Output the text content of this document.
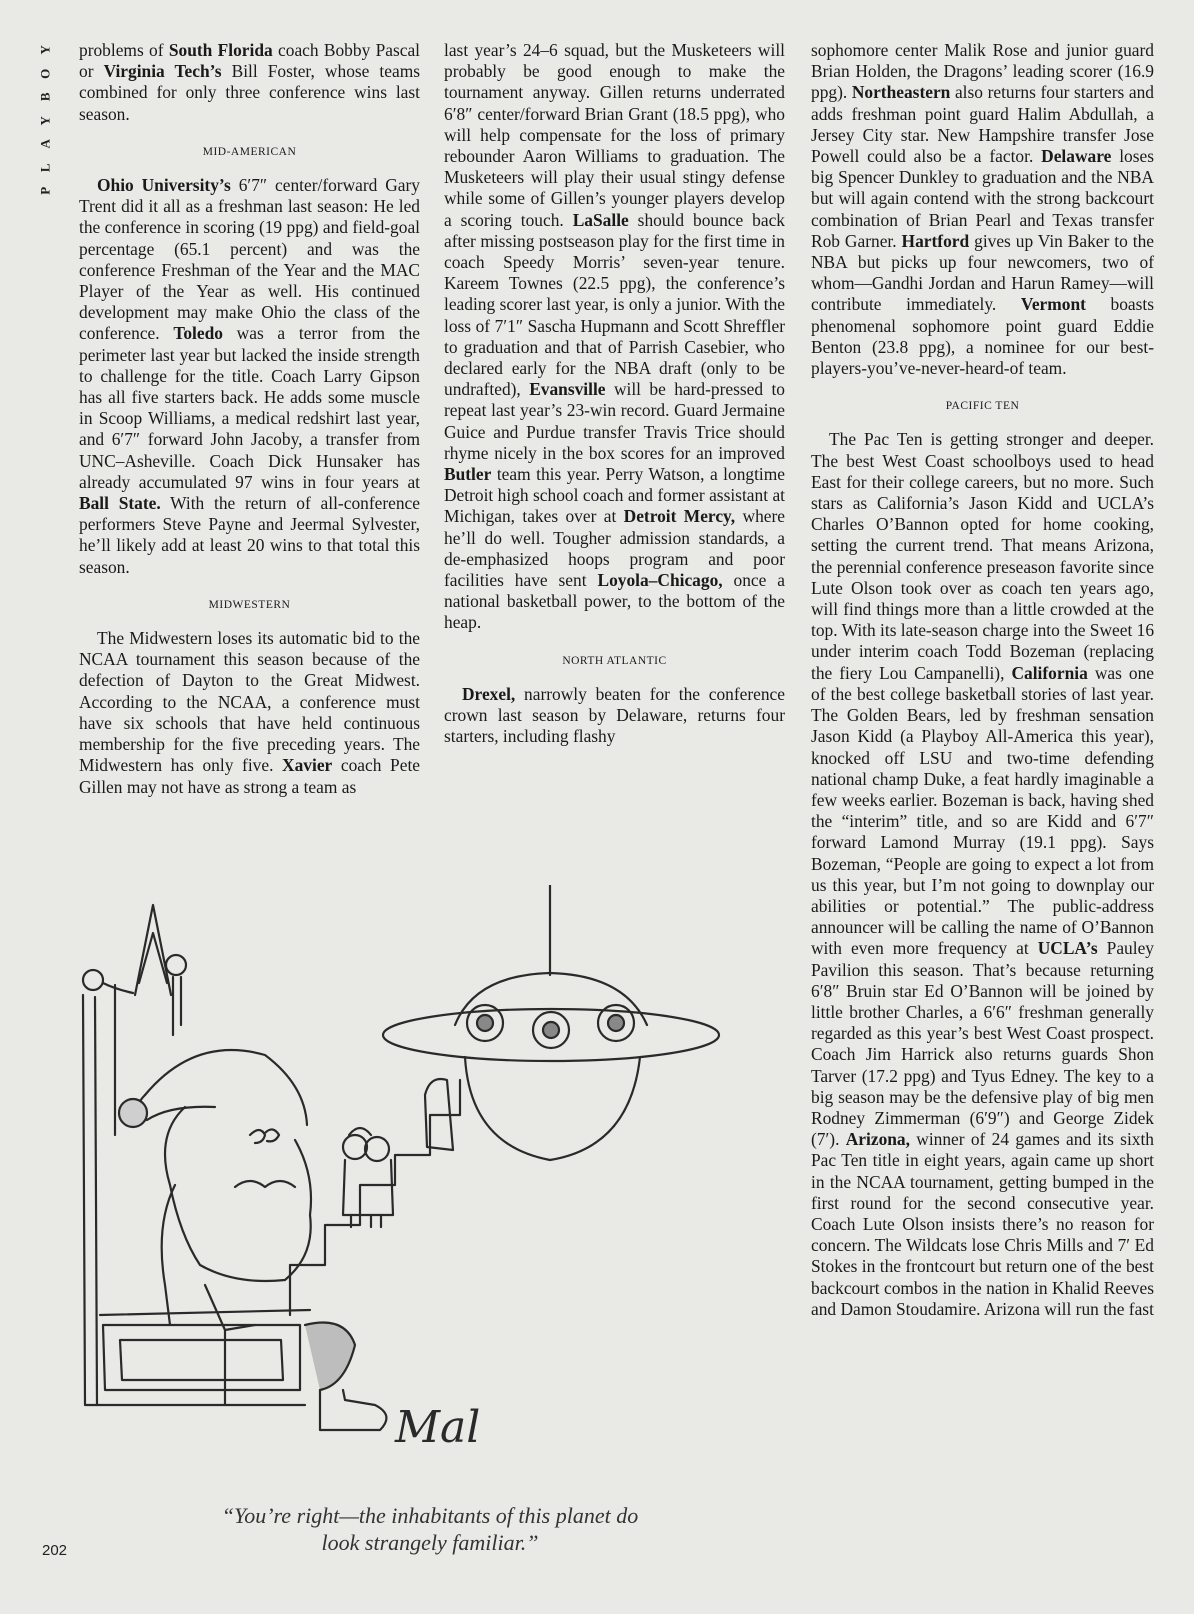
Y
O
B
Y
A
L
P

problems of South Florida coach Bobby Pascal or Virginia Tech’s Bill Foster, whose teams combined for only three conference wins last season.

MID-AMERICAN

Ohio University’s 6′7″ center/forward Gary Trent did it all as a freshman last season: He led the conference in scoring (19 ppg) and field-goal percentage (65.1 percent) and was the conference Freshman of the Year and the MAC Player of the Year as well. His continued development may make Ohio the class of the conference. Toledo was a terror from the perimeter last year but lacked the inside strength to challenge for the title. Coach Larry Gipson has all five starters back. He adds some muscle in Scoop Williams, a medical redshirt last year, and 6′7″ forward John Jacoby, a transfer from UNC–Asheville. Coach Dick Hunsaker has already accumulated 97 wins in four years at Ball State. With the return of all-conference performers Steve Payne and Jeermal Sylvester, he’ll likely add at least 20 wins to that total this season.

MIDWESTERN

The Midwestern loses its automatic bid to the NCAA tournament this season because of the defection of Dayton to the Great Midwest. According to the NCAA, a conference must have six schools that have held continuous membership for the five preceding years. The Midwestern has only five. Xavier coach Pete Gillen may not have as strong a team as

last year’s 24–6 squad, but the Musketeers will probably be good enough to make the tournament anyway. Gillen returns underrated 6′8″ center/forward Brian Grant (18.5 ppg), who will help compensate for the loss of primary rebounder Aaron Williams to graduation. The Musketeers will play their usual stingy defense while some of Gillen’s younger players develop a scoring touch. LaSalle should bounce back after missing postseason play for the first time in coach Speedy Morris’ seven-year tenure. Kareem Townes (22.5 ppg), the conference’s leading scorer last year, is only a junior. With the loss of 7′1″ Sascha Hupmann and Scott Shreffler to graduation and that of Parrish Casebier, who declared early for the NBA draft (only to be undrafted), Evansville will be hard-pressed to repeat last year’s 23-win record. Guard Jermaine Guice and Purdue transfer Travis Trice should rhyme nicely in the box scores for an improved Butler team this year. Perry Watson, a longtime Detroit high school coach and former assistant at Michigan, takes over at Detroit Mercy, where he’ll do well. Tougher admission standards, a de-emphasized hoops program and poor facilities have sent Loyola–Chicago, once a national basketball power, to the bottom of the heap.

NORTH ATLANTIC

Drexel, narrowly beaten for the conference crown last season by Delaware, returns four starters, including flashy

sophomore center Malik Rose and junior guard Brian Holden, the Dragons’ leading scorer (16.9 ppg). Northeastern also returns four starters and adds freshman point guard Halim Abdullah, a Jersey City star. New Hampshire transfer Jose Powell could also be a factor. Delaware loses big Spencer Dunkley to graduation and the NBA but will again contend with the strong backcourt combination of Brian Pearl and Texas transfer Rob Garner. Hartford gives up Vin Baker to the NBA but picks up four newcomers, two of whom—Gandhi Jordan and Harun Ramey—will contribute immediately. Vermont boasts phenomenal sophomore point guard Eddie Benton (23.8 ppg), a nominee for our best-players-you’ve-never-heard-of team.

PACIFIC TEN

The Pac Ten is getting stronger and deeper. The best West Coast schoolboys used to head East for their college careers, but no more. Such stars as California’s Jason Kidd and UCLA’s Charles O’Bannon opted for home cooking, setting the current trend. That means Arizona, the perennial conference preseason favorite since Lute Olson took over as coach ten years ago, will find things more than a little crowded at the top. With its late-season charge into the Sweet 16 under interim coach Todd Bozeman (replacing the fiery Lou Campanelli), California was one of the best college basketball stories of last year. The Golden Bears, led by freshman sensation Jason Kidd (a Playboy All-America this year), knocked off LSU and two-time defending national champ Duke, a feat hardly imaginable a few weeks earlier. Bozeman is back, having shed the “interim” title, and so are Kidd and 6′7″ forward Lamond Murray (19.1 ppg). Says Bozeman, “People are going to expect a lot from us this year, but I’m not going to downplay our abilities or potential.” The public-address announcer will be calling the name of O’Bannon with even more frequency at UCLA’s Pauley Pavilion this season. That’s because returning 6′8″ Bruin star Ed O’Bannon will be joined by little brother Charles, a 6′6″ freshman generally regarded as this year’s best West Coast prospect. Coach Jim Harrick also returns guards Shon Tarver (17.2 ppg) and Tyus Edney. The key to a big season may be the defensive play of big men Rodney Zimmerman (6′9″) and George Zidek (7′). Arizona, winner of 24 games and its sixth Pac Ten title in eight years, again came up short in the NCAA tournament, getting bumped in the first round for the second consecutive year. Coach Lute Olson insists there’s no reason for concern. The Wildcats lose Chris Mills and 7′ Ed Stokes in the frontcourt but return one of the best backcourt combos in the nation in Khalid Reeves and Damon Stoudamire. Arizona will run the fast

Mal
“You’re right—the inhabitants of this planet do
look strangely familiar.”
202
